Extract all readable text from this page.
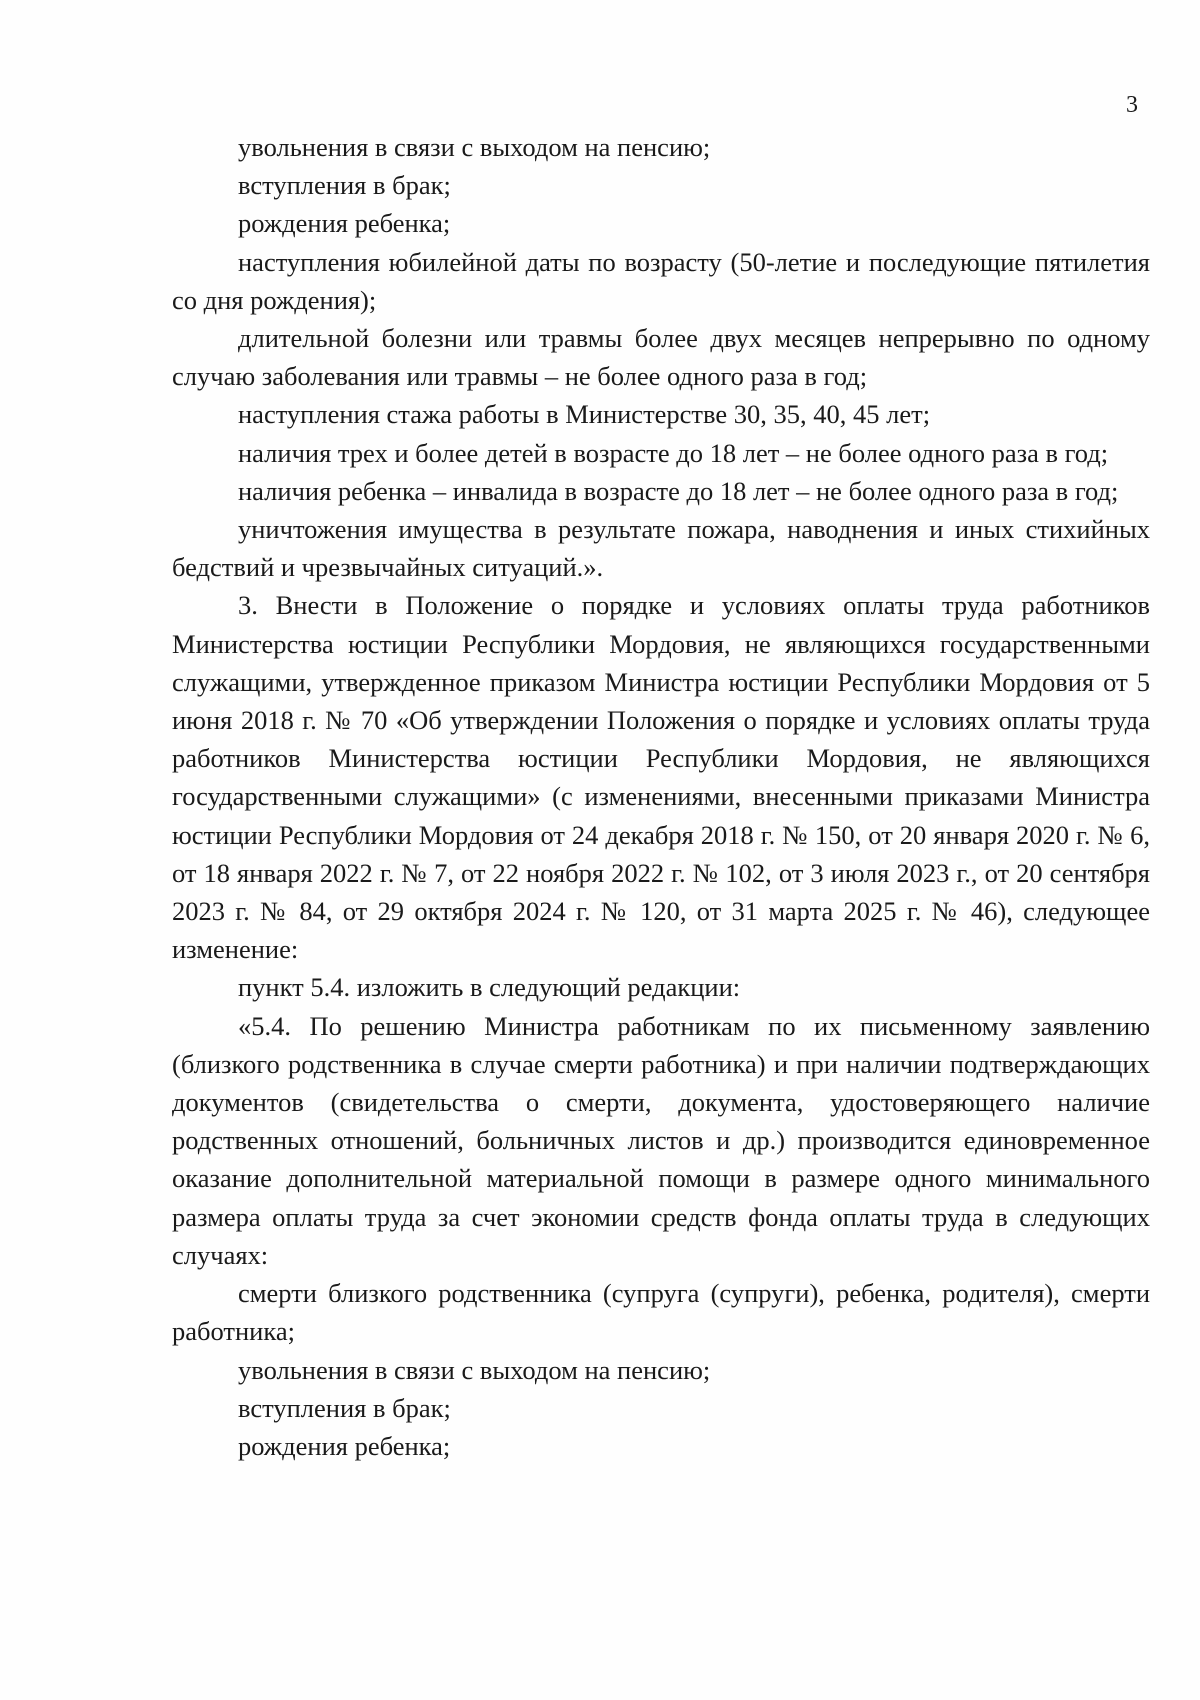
3

увольнения в связи с выходом на пенсию;

вступления в брак;

рождения ребенка;

наступления юбилейной даты по возрасту (50-летие и последующие пятилетия со дня рождения);

длительной болезни или травмы более двух месяцев непрерывно по одному случаю заболевания или травмы – не более одного раза в год;

наступления стажа работы в Министерстве 30, 35, 40, 45 лет;

наличия трех и более детей в возрасте до 18 лет – не более одного раза в год;

наличия ребенка – инвалида в возрасте до 18 лет – не более одного раза в год;

уничтожения имущества в результате пожара, наводнения и иных стихийных бедствий и чрезвычайных ситуаций.».

3. Внести в Положение о порядке и условиях оплаты труда работников Министерства юстиции Республики Мордовия, не являющихся государственными служащими, утвержденное приказом Министра юстиции Республики Мордовия от 5 июня 2018 г. № 70 «Об утверждении Положения о порядке и условиях оплаты труда работников Министерства юстиции Республики Мордовия, не являющихся государственными служащими» (с изменениями, внесенными приказами Министра юстиции Республики Мордовия от 24 декабря 2018 г. № 150, от 20 января 2020 г. № 6, от 18 января 2022 г. № 7, от 22 ноября 2022 г. № 102, от 3 июля 2023 г., от 20 сентября 2023 г. № 84, от 29 октября 2024 г. № 120, от 31 марта 2025 г. № 46), следующее изменение:

пункт 5.4. изложить в следующий редакции:

«5.4. По решению Министра работникам по их письменному заявлению (близкого родственника в случае смерти работника) и при наличии подтверждающих документов (свидетельства о смерти, документа, удостоверяющего наличие родственных отношений, больничных листов и др.) производится единовременное оказание дополнительной материальной помощи в размере одного минимального размера оплаты труда за счет экономии средств фонда оплаты труда в следующих случаях:

смерти близкого родственника (супруга (супруги), ребенка, родителя), смерти работника;

увольнения в связи с выходом на пенсию;

вступления в брак;

рождения ребенка;
